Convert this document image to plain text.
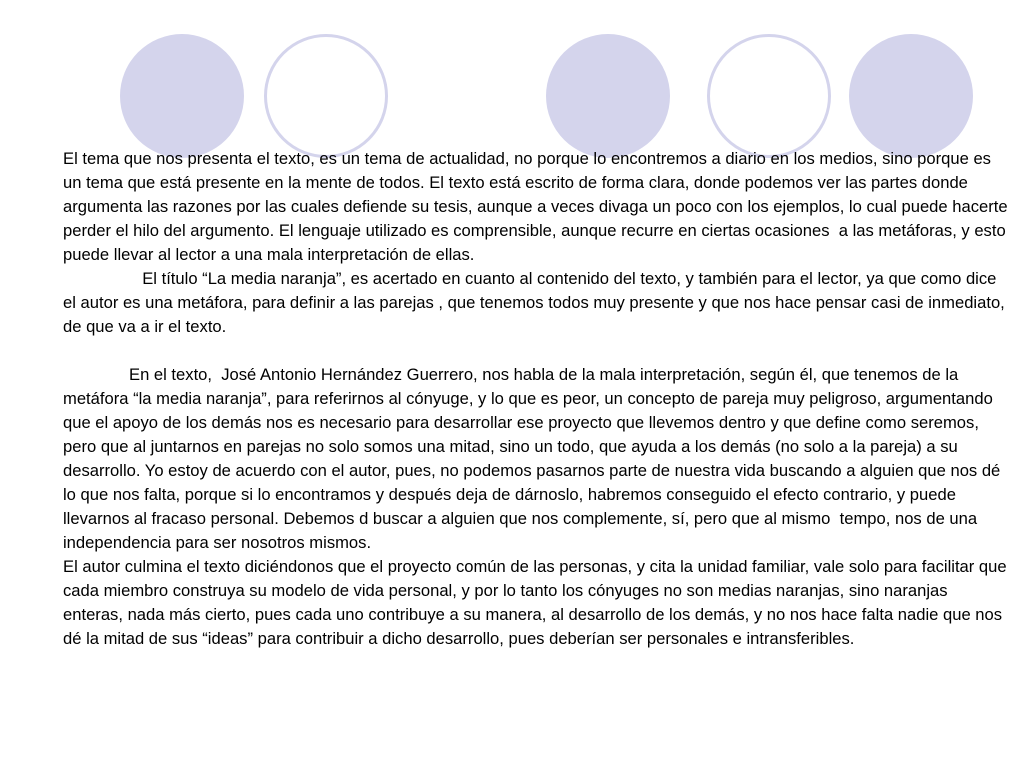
El tema que nos presenta el texto, es un tema de actualidad, no porque lo encontremos a diario en los medios, sino porque es un tema que está presente en la mente de todos. El texto está escrito de forma clara, donde podemos ver las partes donde argumenta las razones por las cuales defiende su tesis, aunque a veces divaga un poco con los ejemplos, lo cual puede hacerte perder el hilo del argumento. El lenguaje utilizado es comprensible, aunque recurre en ciertas ocasiones  a las metáforas, y esto puede llevar al lector a una mala interpretación de ellas.

	El título “La media naranja”, es acertado en cuanto al contenido del texto, y también para el lector, ya que como dice el autor es una metáfora, para definir a las parejas , que tenemos todos muy presente y que nos hace pensar casi de inmediato, de que va a ir el texto.

	En el texto,  José Antonio Hernández Guerrero, nos habla de la mala interpretación, según él, que tenemos de la metáfora “la media naranja”, para referirnos al cónyuge, y lo que es peor, un concepto de pareja muy peligroso, argumentando que el apoyo de los demás nos es necesario para desarrollar ese proyecto que llevemos dentro y que define como seremos, pero que al juntarnos en parejas no solo somos una mitad, sino un todo, que ayuda a los demás (no solo a la pareja) a su desarrollo. Yo estoy de acuerdo con el autor, pues, no podemos pasarnos parte de nuestra vida buscando a alguien que nos dé lo que nos falta, porque si lo encontramos y después deja de dárnoslo, habremos conseguido el efecto contrario, y puede llevarnos al fracaso personal. Debemos d buscar a alguien que nos complemente, sí, pero que al mismo  tempo, nos de una independencia para ser nosotros mismos.

El autor culmina el texto diciéndonos que el proyecto común de las personas, y cita la unidad familiar, vale solo para facilitar que cada miembro construya su modelo de vida personal, y por lo tanto los cónyuges no son medias naranjas, sino naranjas enteras, nada más cierto, pues cada uno contribuye a su manera, al desarrollo de los demás, y no nos hace falta nadie que nos dé la mitad de sus “ideas” para contribuir a dicho desarrollo, pues deberían ser personales e intransferibles.
